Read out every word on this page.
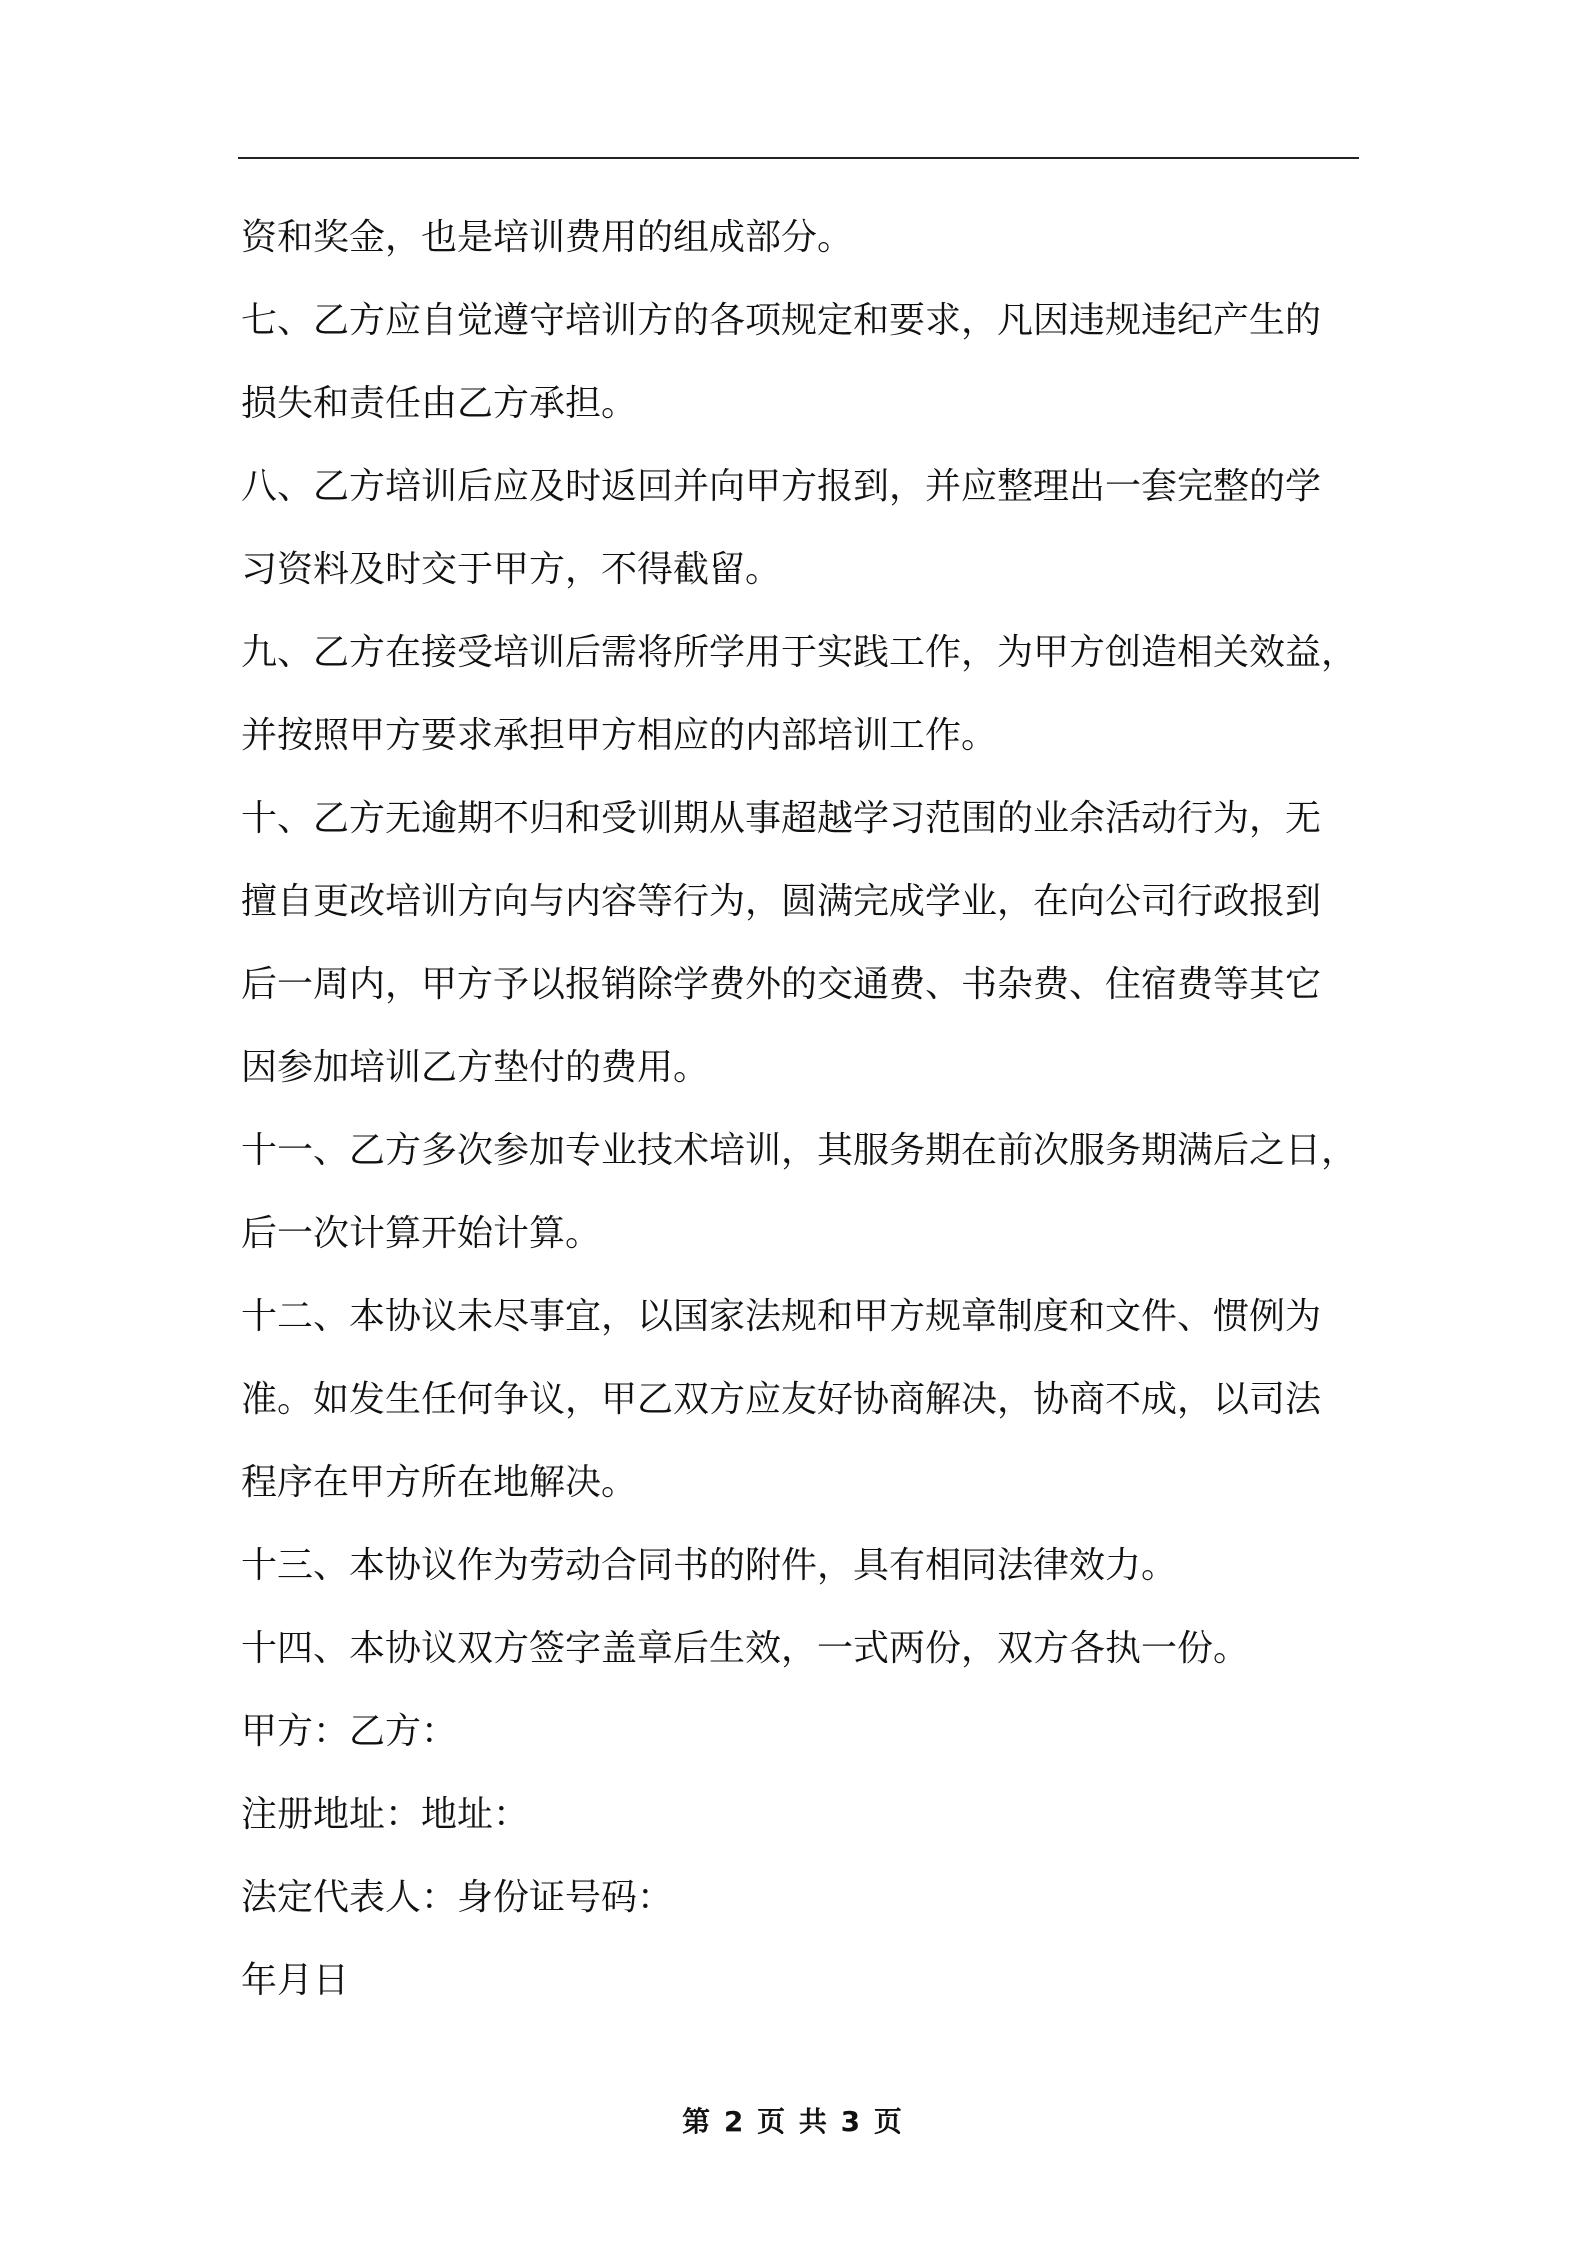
资和奖金，也是培训费用的组成部分。

七、乙方应自觉遵守培训方的各项规定和要求，凡因违规违纪产生的

损失和责任由乙方承担。

八、乙方培训后应及时返回并向甲方报到，并应整理出一套完整的学

习资料及时交于甲方，不得截留。

九、乙方在接受培训后需将所学用于实践工作，为甲方创造相关效益，

并按照甲方要求承担甲方相应的内部培训工作。

十、乙方无逾期不归和受训期从事超越学习范围的业余活动行为，无

擅自更改培训方向与内容等行为，圆满完成学业，在向公司行政报到

后一周内，甲方予以报销除学费外的交通费、书杂费、住宿费等其它

因参加培训乙方垫付的费用。

十一、乙方多次参加专业技术培训，其服务期在前次服务期满后之日，

后一次计算开始计算。

十二、本协议未尽事宜，以国家法规和甲方规章制度和文件、惯例为

准。如发生任何争议，甲乙双方应友好协商解决，协商不成，以司法

程序在甲方所在地解决。

十三、本协议作为劳动合同书的附件，具有相同法律效力。

十四、本协议双方签字盖章后生效，一式两份，双方各执一份。

甲方：乙方：

注册地址：地址：

法定代表人：身份证号码：

年月日

第 2 页 共 3 页
